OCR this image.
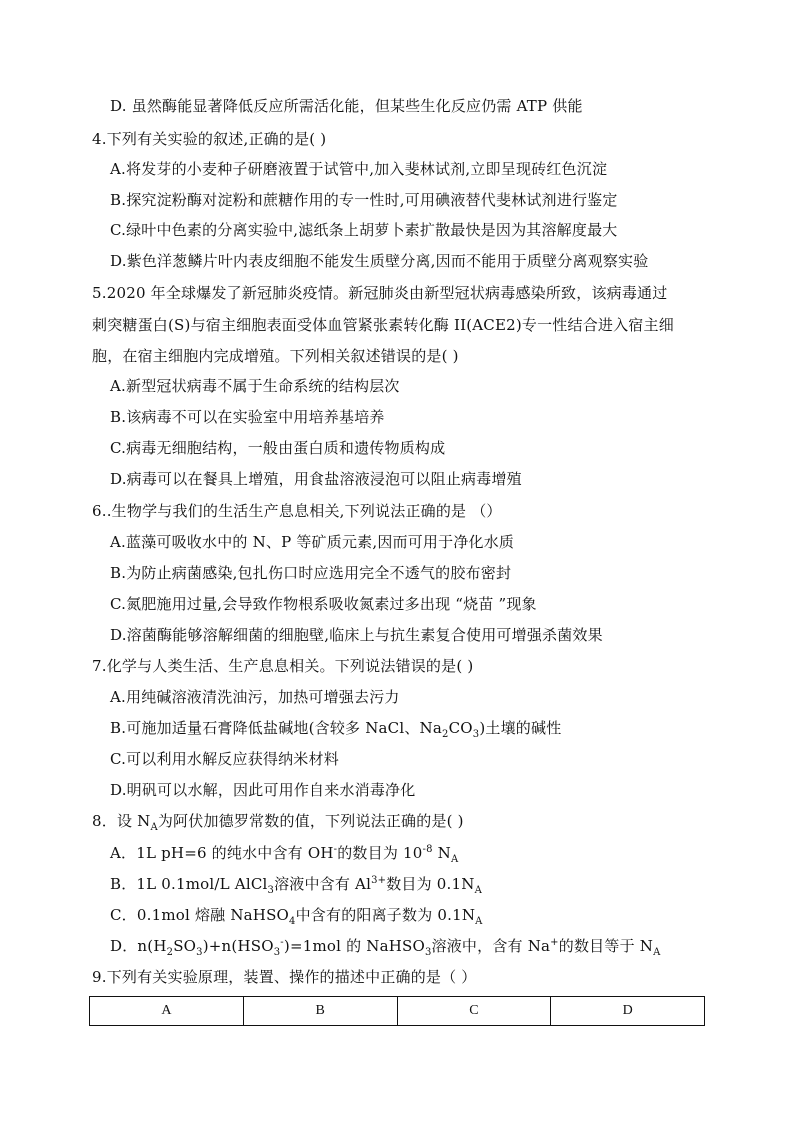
D. 虽然酶能显著降低反应所需活化能，但某些生化反应仍需 ATP 供能
4.下列有关实验的叙述,正确的是( )
A.将发芽的小麦种子研磨液置于试管中,加入斐林试剂,立即呈现砖红色沉淀
B.探究淀粉酶对淀粉和蔗糖作用的专一性时,可用碘液替代斐林试剂进行鉴定
C.绿叶中色素的分离实验中,滤纸条上胡萝卜素扩散最快是因为其溶解度最大
D.紫色洋葱鳞片叶内表皮细胞不能发生质壁分离,因而不能用于质壁分离观察实验
5.2020 年全球爆发了新冠肺炎疫情。新冠肺炎由新型冠状病毒感染所致，该病毒通过
刺突糖蛋白(S)与宿主细胞表面受体血管紧张素转化酶 II(ACE2)专一性结合进入宿主细
胞，在宿主细胞内完成增殖。下列相关叙述错误的是( )
A.新型冠状病毒不属于生命系统的结构层次
B.该病毒不可以在实验室中用培养基培养
C.病毒无细胞结构，一般由蛋白质和遗传物质构成
D.病毒可以在餐具上增殖，用食盐溶液浸泡可以阻止病毒增殖
6..生物学与我们的生活生产息息相关,下列说法正确的是 （）
A.蓝藻可吸收水中的 N、P 等矿质元素,因而可用于净化水质
B.为防止病菌感染,包扎伤口时应选用完全不透气的胶布密封
C.氮肥施用过量,会导致作物根系吸收氮素过多出现 “烧苗 ”现象
D.溶菌酶能够溶解细菌的细胞壁,临床上与抗生素复合使用可增强杀菌效果
7.化学与人类生活、生产息息相关。下列说法错误的是( )
A.用纯碱溶液清洗油污，加热可增强去污力
B.可施加适量石膏降低盐碱地(含较多 NaCl、$Na_2CO_3$)土壤的碱性
C.可以利用水解反应获得纳米材料
D.明矾可以水解，因此可用作自来水消毒净化
8．设 $N_A$为阿伏加德罗常数的值，下列说法正确的是( )
A．1L pH=6 的纯水中含有 OH-的数目为 $10^{-8}$ $N_A$
B．1L 0.1mol/L AlCl$_3$溶液中含有 $Al^{3+}$数目为 $0.1N_A$
C．0.1mol 熔融 NaHSO$_4$中含有的阳离子数为 $0.1N_A$
D．$n(H_2SO_3)+n(HSO_3^-)=1mol$ 的 NaHSO$_3$溶液中，含有 Na+的数目等于 $N_A$
9.下列有关实验原理，装置、操作的描述中正确的是（ ）
A	B	C	D
